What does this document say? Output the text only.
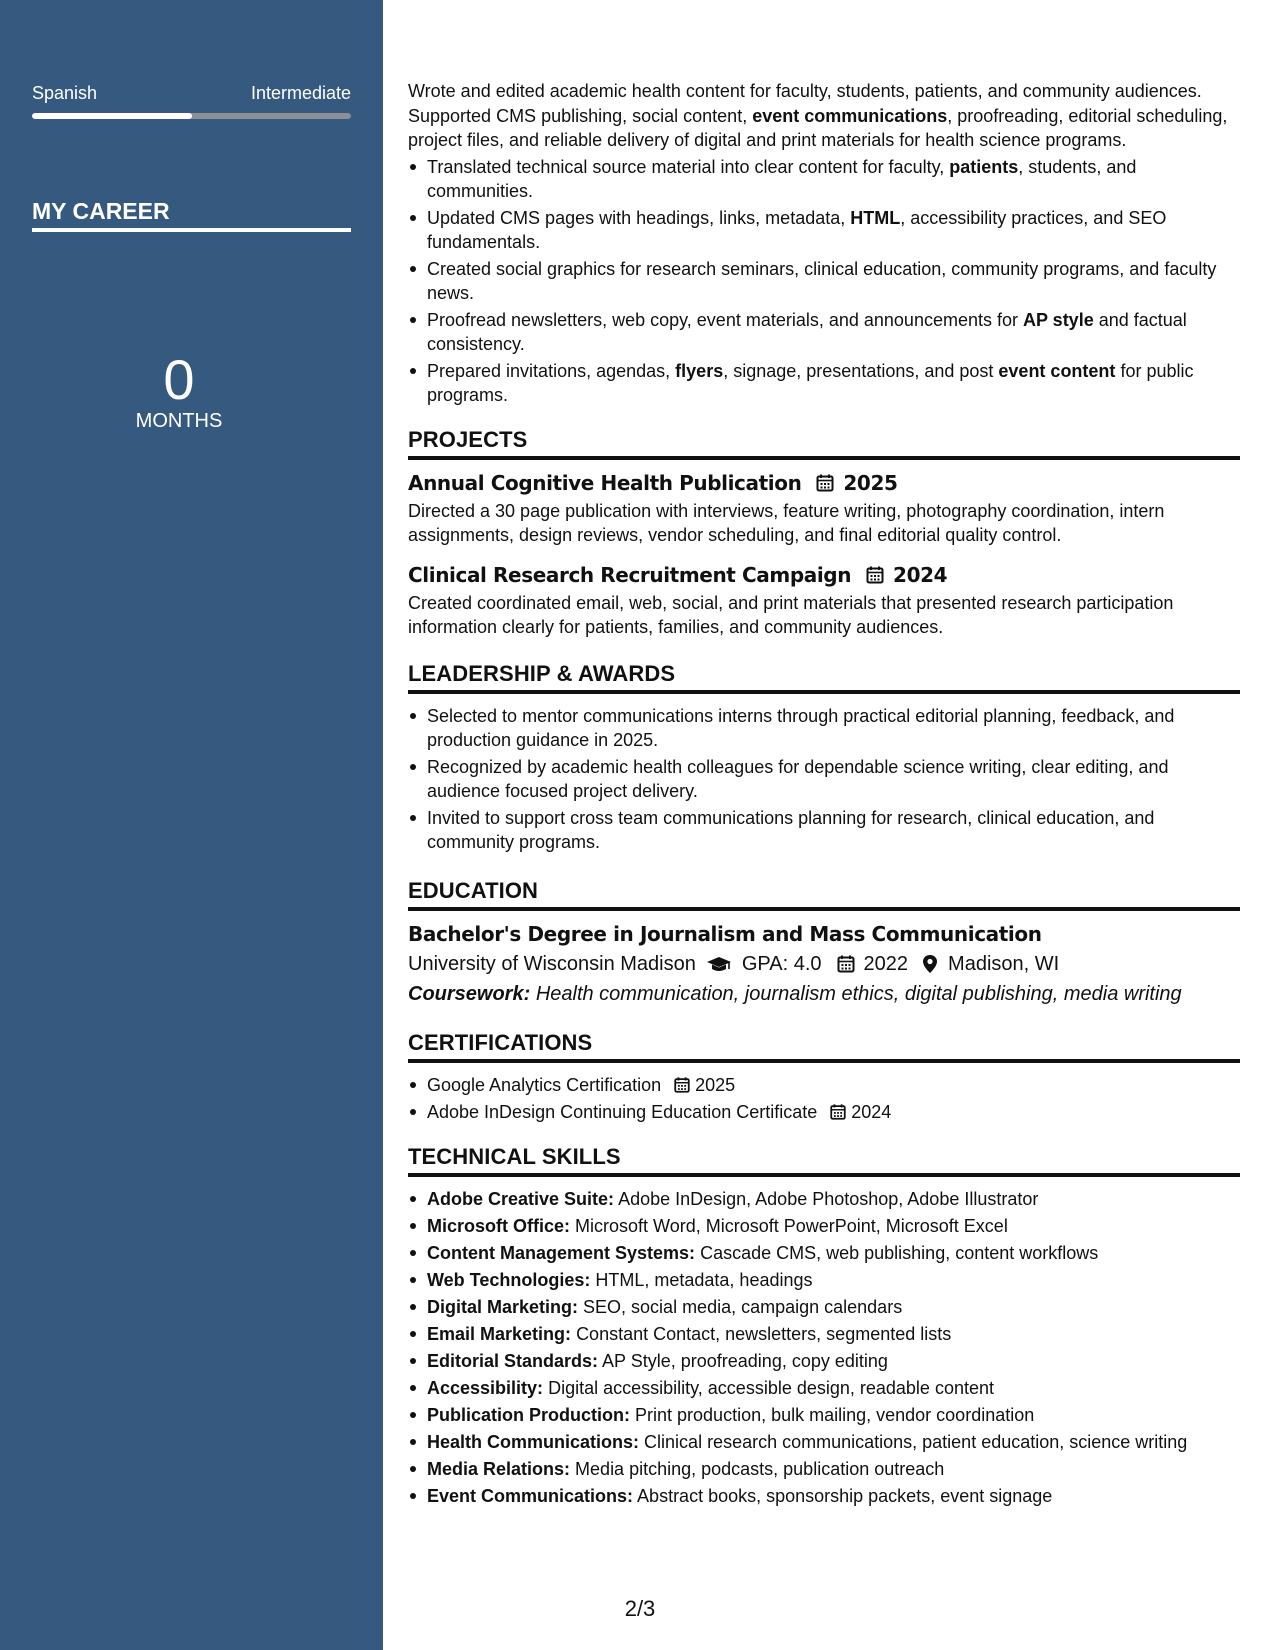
Spanish	Intermediate
MY CAREER
0
MONTHS

Wrote and edited academic health content for faculty, students, patients, and community audiences. Supported CMS publishing, social content, event communications, proofreading, editorial scheduling, project files, and reliable delivery of digital and print materials for health science programs.

Translated technical source material into clear content for faculty, patients, students, and communities.
Updated CMS pages with headings, links, metadata, HTML, accessibility practices, and SEO fundamentals.
Created social graphics for research seminars, clinical education, community programs, and faculty news.
Proofread newsletters, web copy, event materials, and announcements for AP style and factual consistency.
Prepared invitations, agendas, flyers, signage, presentations, and post event content for public programs.
PROJECTS
Annual Cognitive Health Publication 2025

Directed a 30 page publication with interviews, feature writing, photography coordination, intern assignments, design reviews, vendor scheduling, and final editorial quality control.

Clinical Research Recruitment Campaign 2024

Created coordinated email, web, social, and print materials that presented research participation information clearly for patients, families, and community audiences.

LEADERSHIP & AWARDS
Selected to mentor communications interns through practical editorial planning, feedback, and production guidance in 2025.
Recognized by academic health colleagues for dependable science writing, clear editing, and audience focused project delivery.
Invited to support cross team communications planning for research, clinical education, and community programs.
EDUCATION
Bachelor's Degree in Journalism and Mass Communication
University of Wisconsin Madison GPA: 4.0 2022 Madison, WI
Coursework: Health communication, journalism ethics, digital publishing, media writing
CERTIFICATIONS
Google Analytics Certification 2025
Adobe InDesign Continuing Education Certificate 2024
TECHNICAL SKILLS
Adobe Creative Suite: Adobe InDesign, Adobe Photoshop, Adobe Illustrator
Microsoft Office: Microsoft Word, Microsoft PowerPoint, Microsoft Excel
Content Management Systems: Cascade CMS, web publishing, content workflows
Web Technologies: HTML, metadata, headings
Digital Marketing: SEO, social media, campaign calendars
Email Marketing: Constant Contact, newsletters, segmented lists
Editorial Standards: AP Style, proofreading, copy editing
Accessibility: Digital accessibility, accessible design, readable content
Publication Production: Print production, bulk mailing, vendor coordination
Health Communications: Clinical research communications, patient education, science writing
Media Relations: Media pitching, podcasts, publication outreach
Event Communications: Abstract books, sponsorship packets, event signage
2/3
